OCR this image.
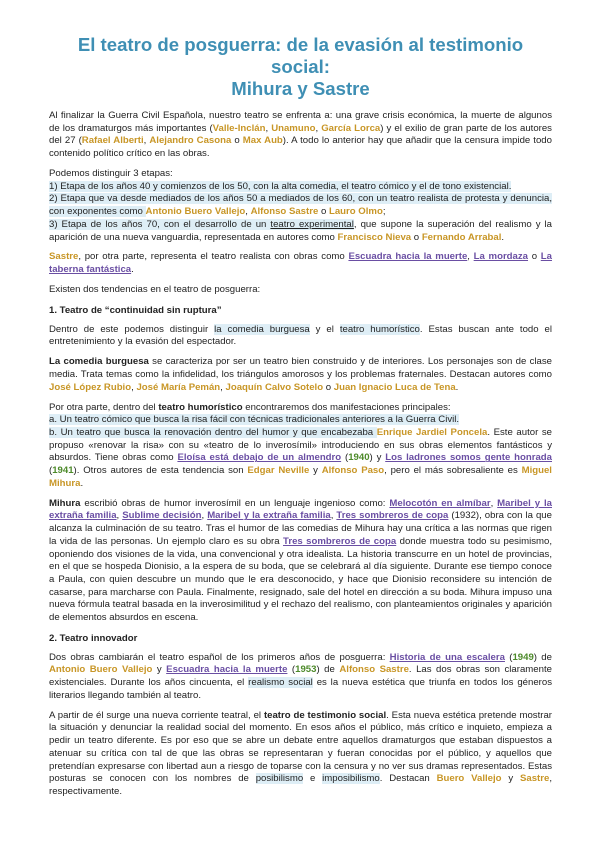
El teatro de posguerra: de la evasión al testimonio social:
Mihura y Sastre

Al finalizar la Guerra Civil Española, nuestro teatro se enfrenta a: una grave crisis económica, la muerte de algunos de los dramaturgos más importantes (Valle-Inclán, Unamuno, García Lorca) y el exilio de gran parte de los autores del 27 (Rafael Alberti, Alejandro Casona o Max Aub). A todo lo anterior hay que añadir que la censura impide todo contenido político crítico en las obras.

Podemos distinguir 3 etapas:

1) Etapa de los años 40 y comienzos de los 50, con la alta comedia, el teatro cómico y el de tono existencial.

2) Etapa que va desde mediados de los años 50 a mediados de los 60, con un teatro realista de protesta y denuncia, con exponentes como Antonio Buero Vallejo, Alfonso Sastre o Lauro Olmo;

3) Etapa de los años 70, con el desarrollo de un teatro experimental, que supone la superación del realismo y la aparición de una nueva vanguardia, representada en autores como Francisco Nieva o Fernando Arrabal.

Sastre, por otra parte, representa el teatro realista con obras como Escuadra hacia la muerte, La mordaza o La taberna fantástica.

Existen dos tendencias en el teatro de posguerra:

1. Teatro de “continuidad sin ruptura”

Dentro de este podemos distinguir la comedia burguesa y el teatro humorístico. Estas buscan ante todo el entretenimiento y la evasión del espectador.

La comedia burguesa se caracteriza por ser un teatro bien construido y de interiores. Los personajes son de clase media. Trata temas como la infidelidad, los triángulos amorosos y los problemas fraternales. Destacan autores como José López Rubio, José María Pemán, Joaquín Calvo Sotelo o Juan Ignacio Luca de Tena.

Por otra parte, dentro del teatro humorístico encontraremos dos manifestaciones principales:

a. Un teatro cómico que busca la risa fácil con técnicas tradicionales anteriores a la Guerra Civil.

b. Un teatro que busca la renovación dentro del humor y que encabezaba Enrique Jardiel Poncela. Este autor se propuso «renovar la risa» con su «teatro de lo inverosímil» introduciendo en sus obras elementos fantásticos y absurdos. Tiene obras como Eloísa está debajo de un almendro (1940) y Los ladrones somos gente honrada (1941). Otros autores de esta tendencia son Edgar Neville y Alfonso Paso, pero el más sobresaliente es Miguel Mihura.

Mihura escribió obras de humor inverosímil en un lenguaje ingenioso como: Melocotón en almíbar, Maribel y la extraña familia, Sublime decisión, Maribel y la extraña familia, Tres sombreros de copa (1932), obra con la que alcanza la culminación de su teatro. Tras el humor de las comedias de Mihura hay una crítica a las normas que rigen la vida de las personas. Un ejemplo claro es su obra Tres sombreros de copa donde muestra todo su pesimismo, oponiendo dos visiones de la vida, una convencional y otra idealista. La historia transcurre en un hotel de provincias, en el que se hospeda Dionisio, a la espera de su boda, que se celebrará al día siguiente. Durante ese tiempo conoce a Paula, con quien descubre un mundo que le era desconocido, y hace que Dionisio reconsidere su intención de casarse, para marcharse con Paula. Finalmente, resignado, sale del hotel en dirección a su boda. Mihura impuso una nueva fórmula teatral basada en la inverosimilitud y el rechazo del realismo, con planteamientos originales y aparición de elementos absurdos en escena.

2. Teatro innovador

Dos obras cambiarán el teatro español de los primeros años de posguerra: Historia de una escalera (1949) de Antonio Buero Vallejo y Escuadra hacia la muerte (1953) de Alfonso Sastre. Las dos obras son claramente existenciales. Durante los años cincuenta, el realismo social es la nueva estética que triunfa en todos los géneros literarios llegando también al teatro.

A partir de él surge una nueva corriente teatral, el teatro de testimonio social. Esta nueva estética pretende mostrar la situación y denunciar la realidad social del momento. En esos años el público, más crítico e inquieto, empieza a pedir un teatro diferente. Es por eso que se abre un debate entre aquellos dramaturgos que estaban dispuestos a atenuar su crítica con tal de que las obras se representaran y fueran conocidas por el público, y aquellos que pretendían expresarse con libertad aun a riesgo de toparse con la censura y no ver sus dramas representados. Estas posturas se conocen con los nombres de posibilismo e imposibilismo. Destacan Buero Vallejo y Sastre, respectivamente.
